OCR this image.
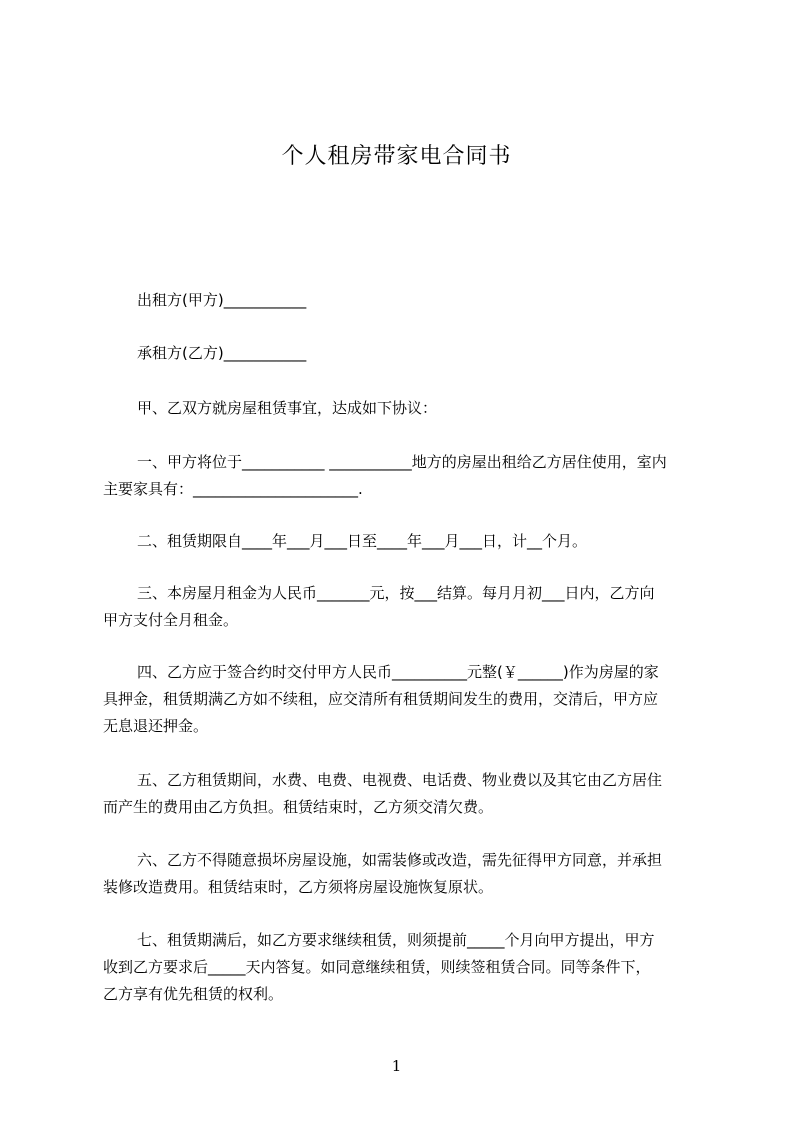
个人租房带家电合同书
出租方(甲方)___________
承租方(乙方)___________
甲、乙双方就房屋租赁事宜，达成如下协议：
一、甲方将位于___________ ___________地方的房屋出租给乙方居住使用，室内
主要家具有：______________________.
二、租赁期限自____年___月___日至____年___月___日，计__个月。
三、本房屋月租金为人民币_______元，按___结算。每月月初___日内，乙方向
甲方支付全月租金。
四、乙方应于签合约时交付甲方人民币__________元整(￥______)作为房屋的家
具押金，租赁期满乙方如不续租，应交清所有租赁期间发生的费用，交清后，甲方应
无息退还押金。
五、乙方租赁期间，水费、电费、电视费、电话费、物业费以及其它由乙方居住
而产生的费用由乙方负担。租赁结束时，乙方须交清欠费。
六、乙方不得随意损坏房屋设施，如需装修或改造，需先征得甲方同意，并承担
装修改造费用。租赁结束时，乙方须将房屋设施恢复原状。
七、租赁期满后，如乙方要求继续租赁，则须提前_____个月向甲方提出，甲方
收到乙方要求后_____天内答复。如同意继续租赁，则续签租赁合同。同等条件下，
乙方享有优先租赁的权利。
1
